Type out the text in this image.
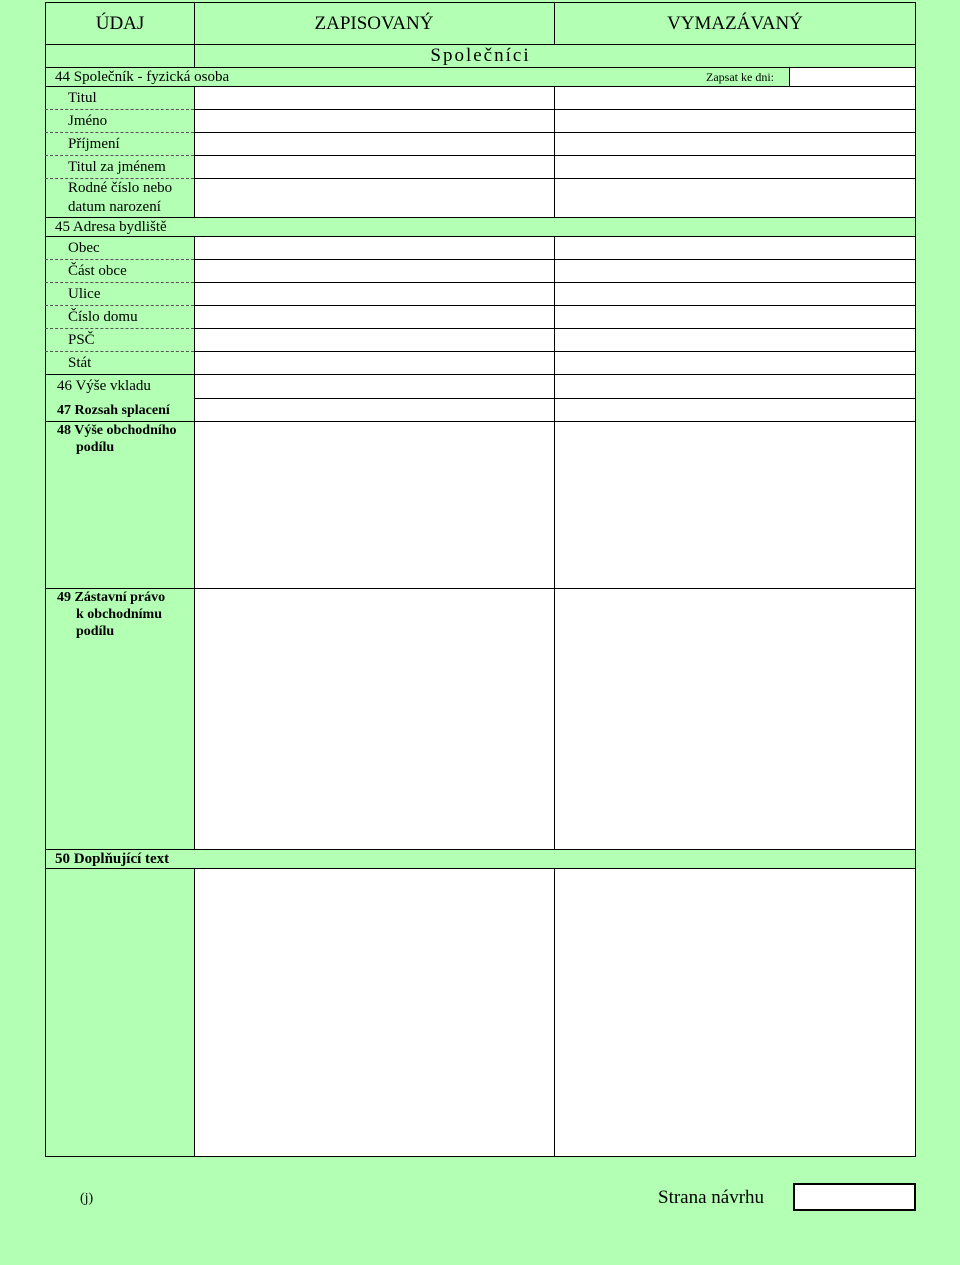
ÚDAJ	ZAPISOVANÝ	VYMAZÁVANÝ
Společníci
44 Společník - fyzická osoba	Zapsat ke dni:
Titul
Jméno
Příjmení
Titul za jménem
Rodné číslo nebo
datum narození
45 Adresa bydliště
Obec
Část obce
Ulice
Číslo domu
PSČ
Stát
46 Výše vkladu
47 Rozsah splacení
48 Výše obchodního
podílu
49 Zástavní právo
k obchodnímu
podílu
50 Doplňující text
(j)	Strana návrhu
